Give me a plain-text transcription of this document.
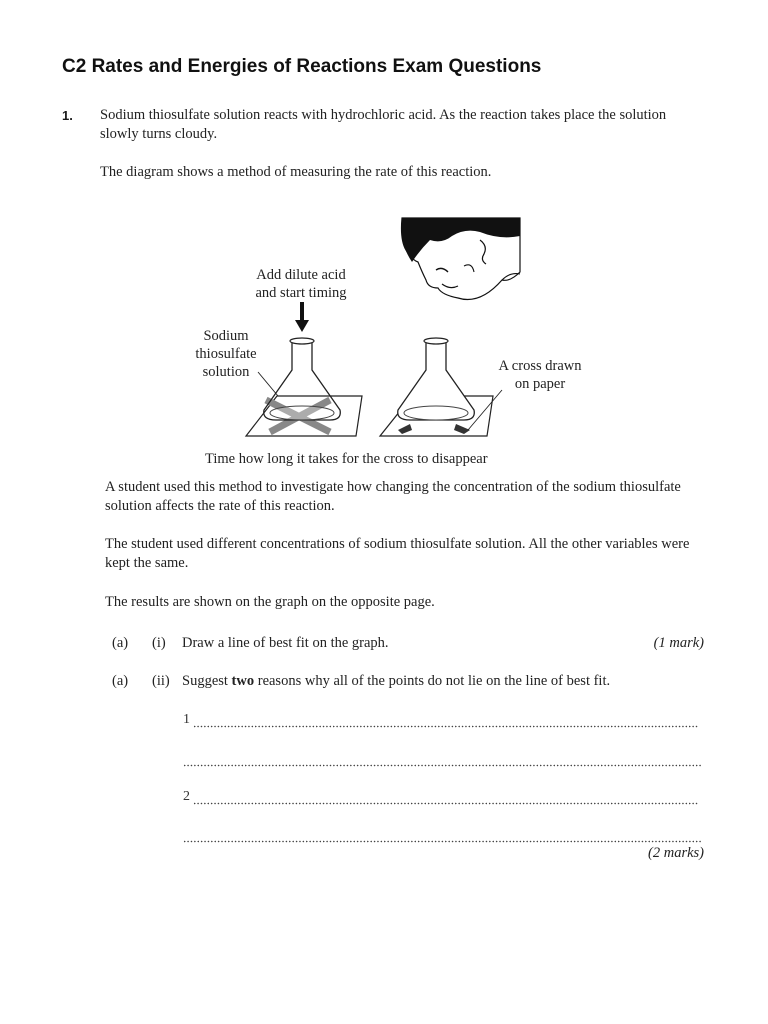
C2 Rates and Energies of Reactions Exam Questions
1. Sodium thiosulfate solution reacts with hydrochloric acid. As the reaction takes place the solution slowly turns cloudy.
The diagram shows a method of measuring the rate of this reaction.
Add dilute acid and start timing
Sodium thiosulfate solution	A cross drawn on paper
Time how long it takes for the cross to disappear
A student used this method to investigate how changing the concentration of the sodium thiosulfate solution affects the rate of this reaction.
The student used different concentrations of sodium thiosulfate solution. All the other variables were kept the same.
The results are shown on the graph on the opposite page.
(a) (i) Draw a line of best fit on the graph.	(1 mark)
(a) (ii) Suggest two reasons why all of the points do not lie on the line of best fit.
1
2
(2 marks)
